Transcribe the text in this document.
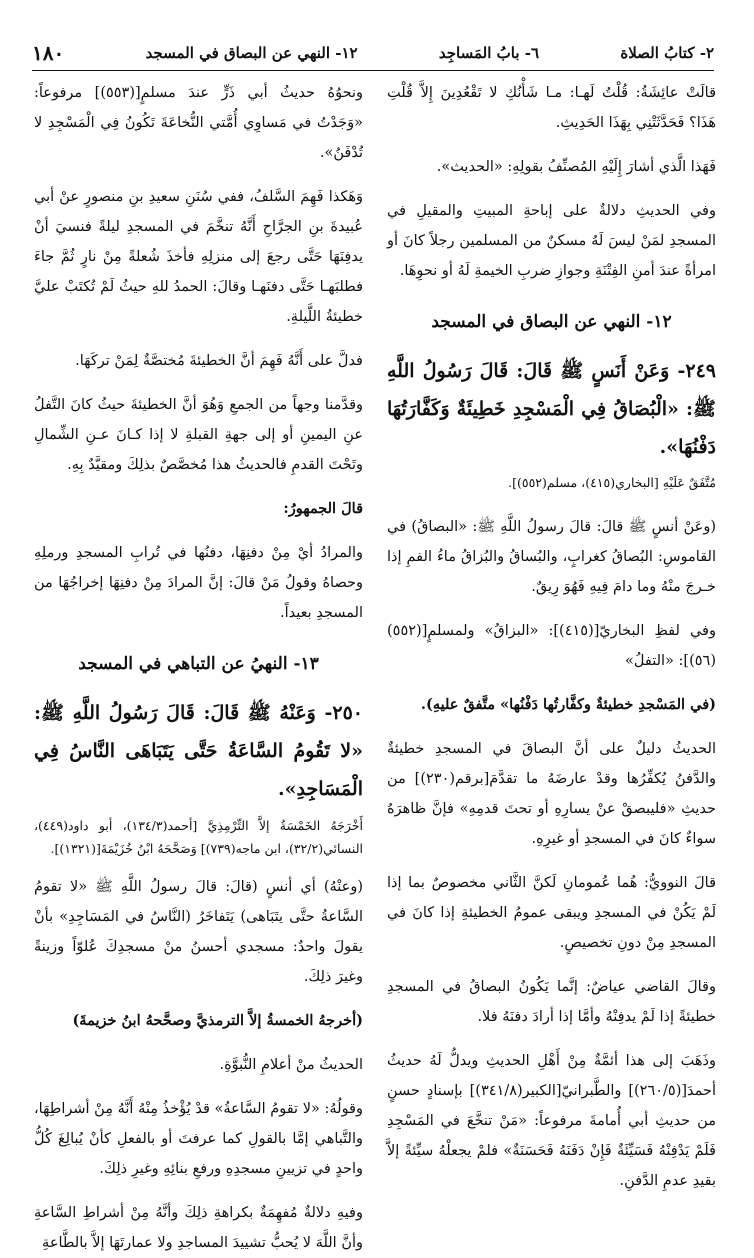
٢- كتابُ الصلاة
٦- بابُ المَساجِد
١٢- النهي عن البصاق في المسجد
١٨٠

قالَتْ عائِشَةُ: قُلْتُ لَهـا: مـا شَأْنُكِ لا تَقْعُدِينَ إِلاَّ قُلْتِ هَذَا؟ فَحَدَّثَتْنِي بِهَذَا الحَدِيثِ.

فَهَذا الَّذي أشارَ إِلَيْهِ المُصنِّفُ بقولِهِ: «الحديث».

وفي الحديثِ دلالةٌ على إباحةِ المبيتِ والمقيلِ في المسجدِ لمَنْ ليسَ لَهُ مسكنٌ من المسلمين رجلاً كانَ أو امرأةً عندَ أمنِ الفِتْنَةِ وجوازِ ضربِ الخيمةِ لَهُ أو نحوِهَا.

١٢- النهي عن البصاق في المسجد

٢٤٩- وَعَنْ أَنَسٍ ﷺ قَالَ: قَالَ رَسُولُ اللَّهِ ﷺ: «الْبُصَاقُ فِي الْمَسْجِدِ خَطِيئَةٌ وَكَفَّارَتُهَا دَفْنُهَا».

مُتَّفَقٌ عَلَيْهِ [البخاري(٤١٥)، مسلم(٥٥٢)].

(وعَنْ أنسٍ ﷺ قالَ: قالَ رسولُ اللَّهِ ﷺ: «البصاقُ) في القاموسِ: البُصاقُ كغرابٍ، والبُساقُ والبُزاقُ ماءُ الفمِ إذا خـرجَ منْهُ وما دامَ فِيهِ فَهُوَ رِيقٌ.

وفي لفظِ البخاريّ[(٤١٥)]: «البزاقُ» ولمسلمٍ[(٥٥٢)(٥٦)]: «التفلُ»

(في المَسْجدِ خطيئةٌ وكفَّارتُها دَفْنُها» متَّفقٌ عليهِ).

الحديثُ دليلٌ على أنَّ البصاقَ في المسجدِ خطيئةٌ والدَّفنُ يُكفِّرُها وقدْ عارضَهُ ما تقدَّمَ[برقم(٢٣٠)] من حديثِ «فليبصقْ عنْ يسارِهِ أو تحتَ قدمِهِ» فإنَّ ظاهرَهُ سواءٌ كانَ في المسجدِ أو غيرِهِ.

قالَ النوويُّ: هُما عُمومانِ لَكنَّ الثَّاني مخصوصٌ بما إذا لَمْ يَكُنْ في المسجدِ ويبقى عمومُ الخطيئةِ إذا كانَ في المسجدِ مِنْ دونِ تخصيصٍ.

وقالَ القاضي عياضٌ: إنَّما يَكُونُ البصاقُ في المسجدِ خطيئةً إذا لَمْ يدفِنْهُ وأمَّا إذا أرادَ دفنَهُ فلا.

وذَهَبَ إلى هذا أئمَّةٌ مِنْ أَهْلِ الحديثِ ويدلُّ لَهُ حديثُ أحمدَ[(٢٦٠/٥)] والطَّبرانيّ[الكبير(٣٤١/٨)] بإسنادٍ حسنٍ من حديثِ أبي أُمامةَ مرفوعاً: «مَنْ تنخَّعَ في المَسْجِدِ فَلَمْ يَدْفِنْهُ فَسَيِّئَةٌ فَإِنْ دَفَنَهُ فَحَسَنَةٌ» فلمْ يجعلْهُ سيِّئةً إلاَّ بقيدِ عدمِ الدَّفنِ.

ونحوُهُ حديثُ أبي ذَرٍّ عندَ مسلمٍ[(٥٥٣)] مرفوعاً: «وَجَدْتُ في مَساوِي أُمَّتي النُّخاعَةَ تَكُونُ فِي الْمَسْجِدِ لا تُدْفَنُ».

وَهَكذا فَهِمَ السَّلفُ، ففي سُنَنِ سعيدِ بنِ منصورٍ عنْ أبي عُبيدةَ بنِ الجرَّاحِ أَنَّهُ تنخَّمَ في المسجدِ ليلةً فنسيَ أنْ يدفِنَهَا حَتَّى رجعَ إلى منزلِهِ فأخذَ شُعلةً مِنْ نارٍ ثُمَّ جاءَ فطلبَهـا حَتَّى دفنَهـا وقالَ: الحمدُ للهِ حيثُ لَمْ تُكتَبْ عليَّ خطيئةُ اللَّيلةِ.

فدلَّ على أَنَّهُ فَهِمَ أنَّ الخطيئةَ مُختصَّةٌ لِمَنْ تركَهَا.

وقدَّمنا وجهاً من الجمعِ وَهُوَ أنَّ الخطيئةَ حيثُ كانَ التَّفلُ عنِ اليمينِ أو إلى جهةِ القبلةِ لا إذا كـانَ عـنِ الشِّمالِ وتَحْتَ القدمِ فالحديثُ هذا مُخصَّصٌ بذلِكَ ومقيَّدٌ بِهِ.

قالَ الجمهورُ:

والمرادُ أيْ مِنْ دفنِهَا، دفنُها في تُرابِ المسجدِ ورملِهِ وحصاهُ وقولُ مَنْ قالَ: إنَّ المرادَ مِنْ دفنِهَا إخراجُهَا من المسجدِ بعيداً.

١٣- النهيُ عن التباهي في المسجد

٢٥٠- وَعَنْهُ ﷺ قَالَ: قَالَ رَسُولُ اللَّهِ ﷺ: «لا تَقُومُ السَّاعَةُ حَتَّى يَتَبَاهَى النَّاسُ فِي الْمَسَاجِدِ».

أَخْرَجَهُ الخَمْسَةُ إلاَّ التِّرْمِذِيَّ [أحمد(١٣٤/٣)، أبو داود(٤٤٩)، النسائي(٣٢/٢)، ابن ماجه(٧٣٩)] وَصَحَّحَهُ ابْنُ خُزَيْمَةَ[(١٣٢١)].

(وعنْهُ) أي أنسٍ (قالَ: قالَ رسولُ اللَّهِ ﷺ «لا تقومُ السَّاعةُ حتَّى يتَبَاهى) يَتَفاخَرُ (النَّاسُ في المَسَاجِدِ» بأنْ يقولَ واحدٌ: مسجدي أحسنُ منْ مسجدِكَ عُلوّاً وزينةً وغيرَ ذلِكَ.

(أخرجهُ الخمسةُ إلاَّ الترمذيَّ وصحَّحهُ ابنُ خزيمةَ)

الحديثُ منْ أعلامِ النُّبوَّةِ.

وقولُهُ: «لا تقومُ السَّاعةُ» قدْ يُؤْخذُ مِنْهُ أَنَّهُ مِنْ أشراطِهَا، والتَّباهي إمَّا بالقولِ كما عرفتَ أو بالفعلِ كأنْ يُبالِغَ كُلُّ واحدٍ في تزيينِ مسجدِهِ ورفعِ بنائِهِ وغيرِ ذلِكَ.

وفيهِ دلالةٌ مُفهِمَةٌ بكراهةِ ذلِكَ وأنَّهُ مِنْ أشراطِ السَّاعةِ وأنَّ اللَّهَ لا يُحبُّ تشييدَ المساجدِ ولا عمارتَهَا إلاَّ بالطَّاعةِ
